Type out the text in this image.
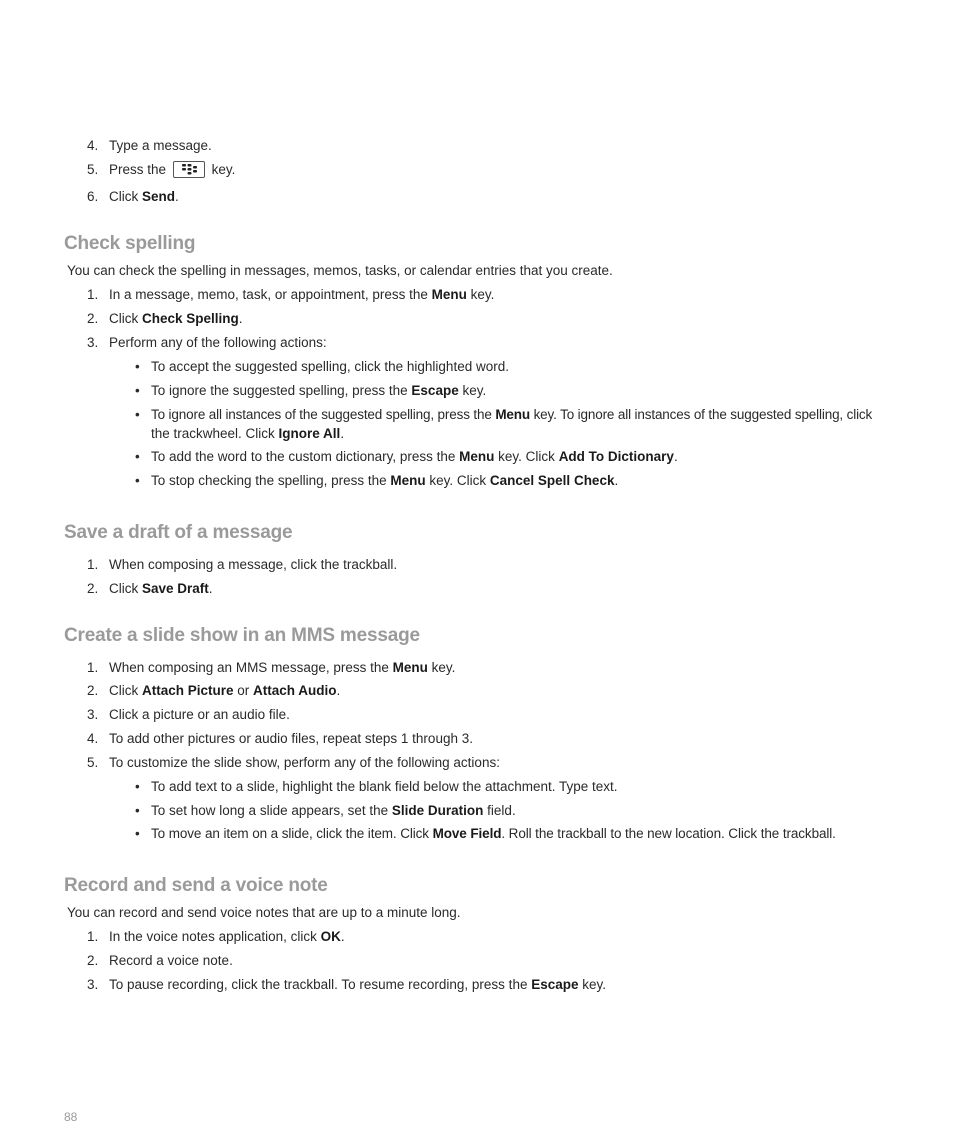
4. Type a message.
5. Press the	key.
6. Click Send.
Check spelling
You can check the spelling in messages, memos, tasks, or calendar entries that you create.
1. In a message, memo, task, or appointment, press the Menu key.
2. Click Check Spelling.
3. Perform any of the following actions:
• To accept the suggested spelling, click the highlighted word.
• To ignore the suggested spelling, press the Escape key.
• To ignore all instances of the suggested spelling, press the Menu key. To ignore all instances of the suggested spelling, click
the trackwheel. Click Ignore All.
• To add the word to the custom dictionary, press the Menu key. Click Add To Dictionary.
• To stop checking the spelling, press the Menu key. Click Cancel Spell Check.
Save a draft of a message
1. When composing a message, click the trackball.
2. Click Save Draft.
Create a slide show in an MMS message
1. When composing an MMS message, press the Menu key.
2. Click Attach Picture or Attach Audio.
3. Click a picture or an audio file.
4. To add other pictures or audio files, repeat steps 1 through 3.
5. To customize the slide show, perform any of the following actions:
• To add text to a slide, highlight the blank field below the attachment. Type text.
• To set how long a slide appears, set the Slide Duration field.
• To move an item on a slide, click the item. Click Move Field. Roll the trackball to the new location. Click the trackball.
Record and send a voice note
You can record and send voice notes that are up to a minute long.
1. In the voice notes application, click OK.
2. Record a voice note.
3. To pause recording, click the trackball. To resume recording, press the Escape key.
88
